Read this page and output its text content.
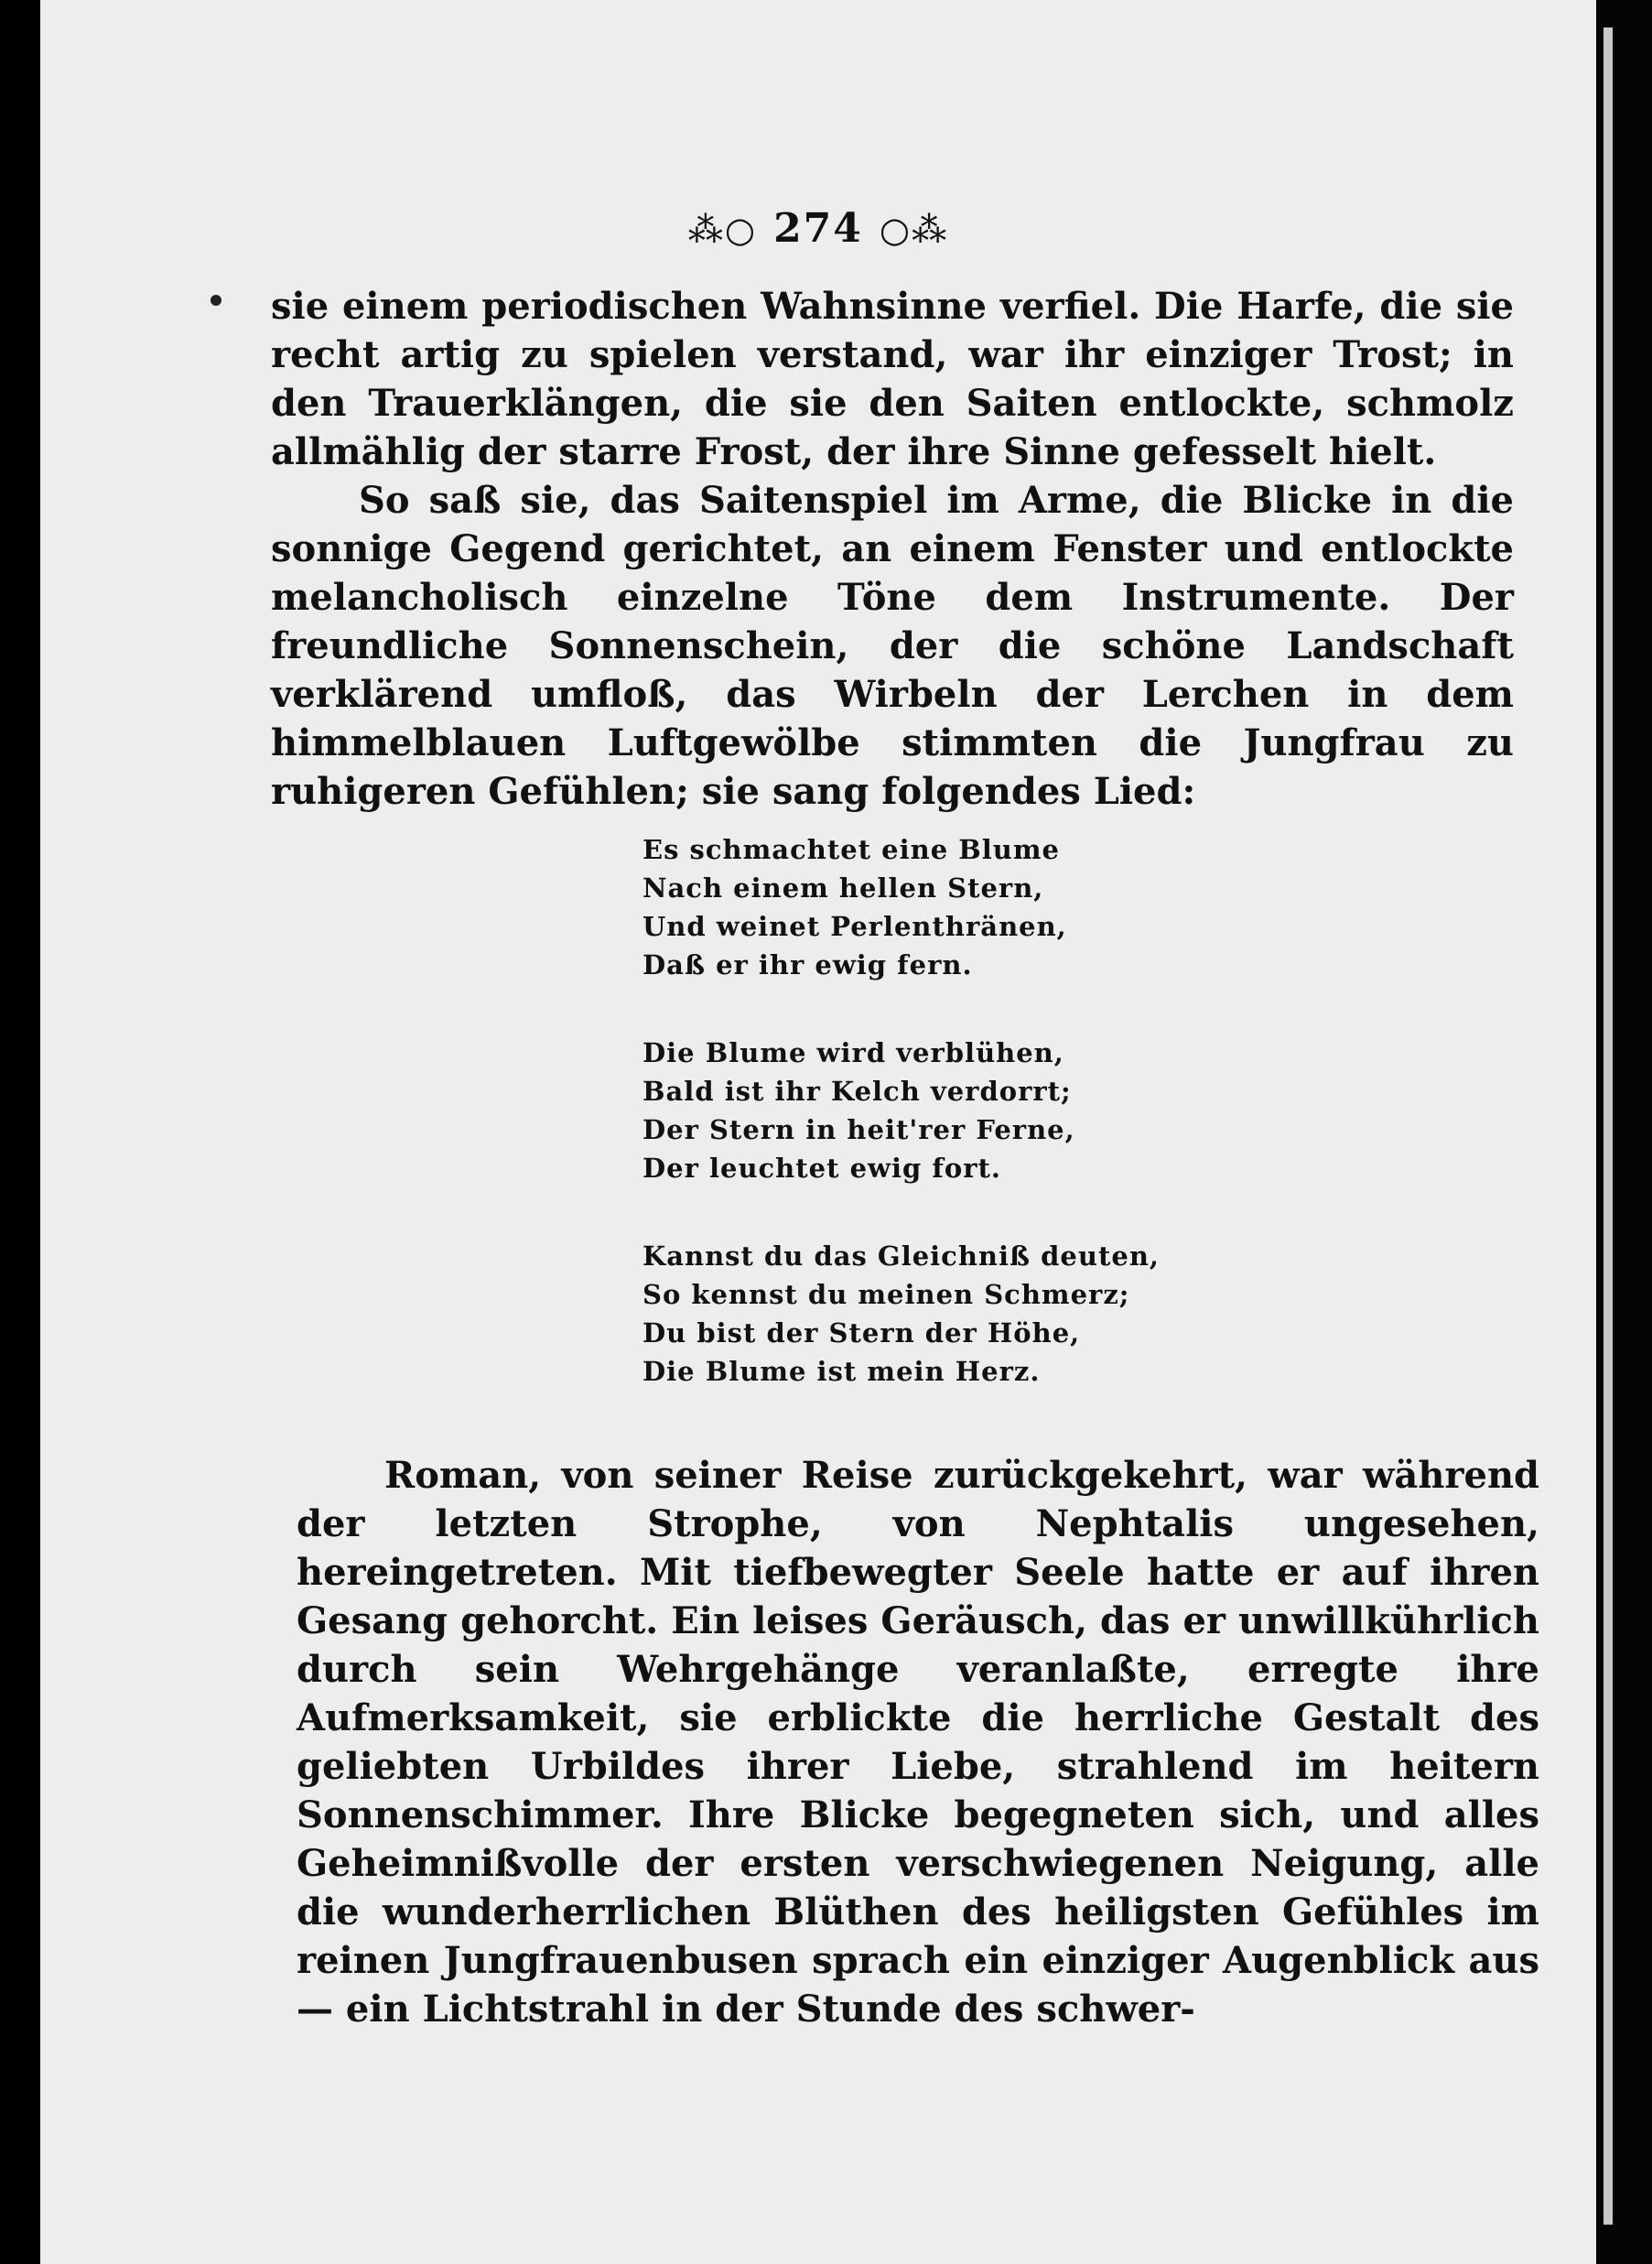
⁂○ 274 ○⁂

sie einem periodischen Wahnsinne verfiel. Die Harfe, die sie recht artig zu spielen verstand, war ihr einziger Trost; in den Trauerklängen, die sie den Saiten entlockte, schmolz allmählig der starre Frost, der ihre Sinne gefesselt hielt.

So saß sie, das Saitenspiel im Arme, die Blicke in die sonnige Gegend gerichtet, an einem Fenster und entlockte melancholisch einzelne Töne dem Instrumente. Der freundliche Sonnenschein, der die schöne Landschaft verklärend umfloß, das Wirbeln der Lerchen in dem himmelblauen Luftgewölbe stimmten die Jungfrau zu ruhigeren Gefühlen; sie sang folgendes Lied:

Es schmachtet eine Blume
Nach einem hellen Stern,
Und weinet Perlenthränen,
Daß er ihr ewig fern.
Die Blume wird verblühen,
Bald ist ihr Kelch verdorrt;
Der Stern in heit'rer Ferne,
Der leuchtet ewig fort.
Kannst du das Gleichniß deuten,
So kennst du meinen Schmerz;
Du bist der Stern der Höhe,
Die Blume ist mein Herz.

Roman, von seiner Reise zurückgekehrt, war während der letzten Strophe, von Nephtalis ungesehen, hereingetreten. Mit tiefbewegter Seele hatte er auf ihren Gesang gehorcht. Ein leises Geräusch, das er unwillkührlich durch sein Wehrgehänge veranlaßte, erregte ihre Aufmerksamkeit, sie erblickte die herrliche Gestalt des geliebten Urbildes ihrer Liebe, strahlend im heitern Sonnenschimmer. Ihre Blicke begegneten sich, und alles Geheimnißvolle der ersten verschwiegenen Neigung, alle die wunderherrlichen Blüthen des heiligsten Gefühles im reinen Jungfrauenbusen sprach ein einziger Augenblick aus — ein Lichtstrahl in der Stunde des schwer-
